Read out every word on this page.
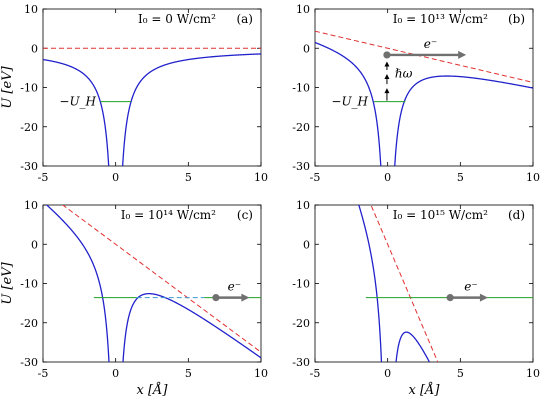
-5	0	5	10
-30
-20
-10
0
10
U [eV]	−U_H
I₀ = 0 W/cm² (a)
-5	0	5	10
-30
-20
-10
0
10
−U_H
e⁻
ℏω
I₀ = 10¹³ W/cm² (b)
-5	0	5	10
-30
-20
-10
0
10
U [eV]
x [Å]
e⁻
I₀ = 10¹⁴ W/cm² (c)
-5	0	5	10
-30
-20
-10
0
10
x [Å]
e⁻
I₀ = 10¹⁵ W/cm² (d)
